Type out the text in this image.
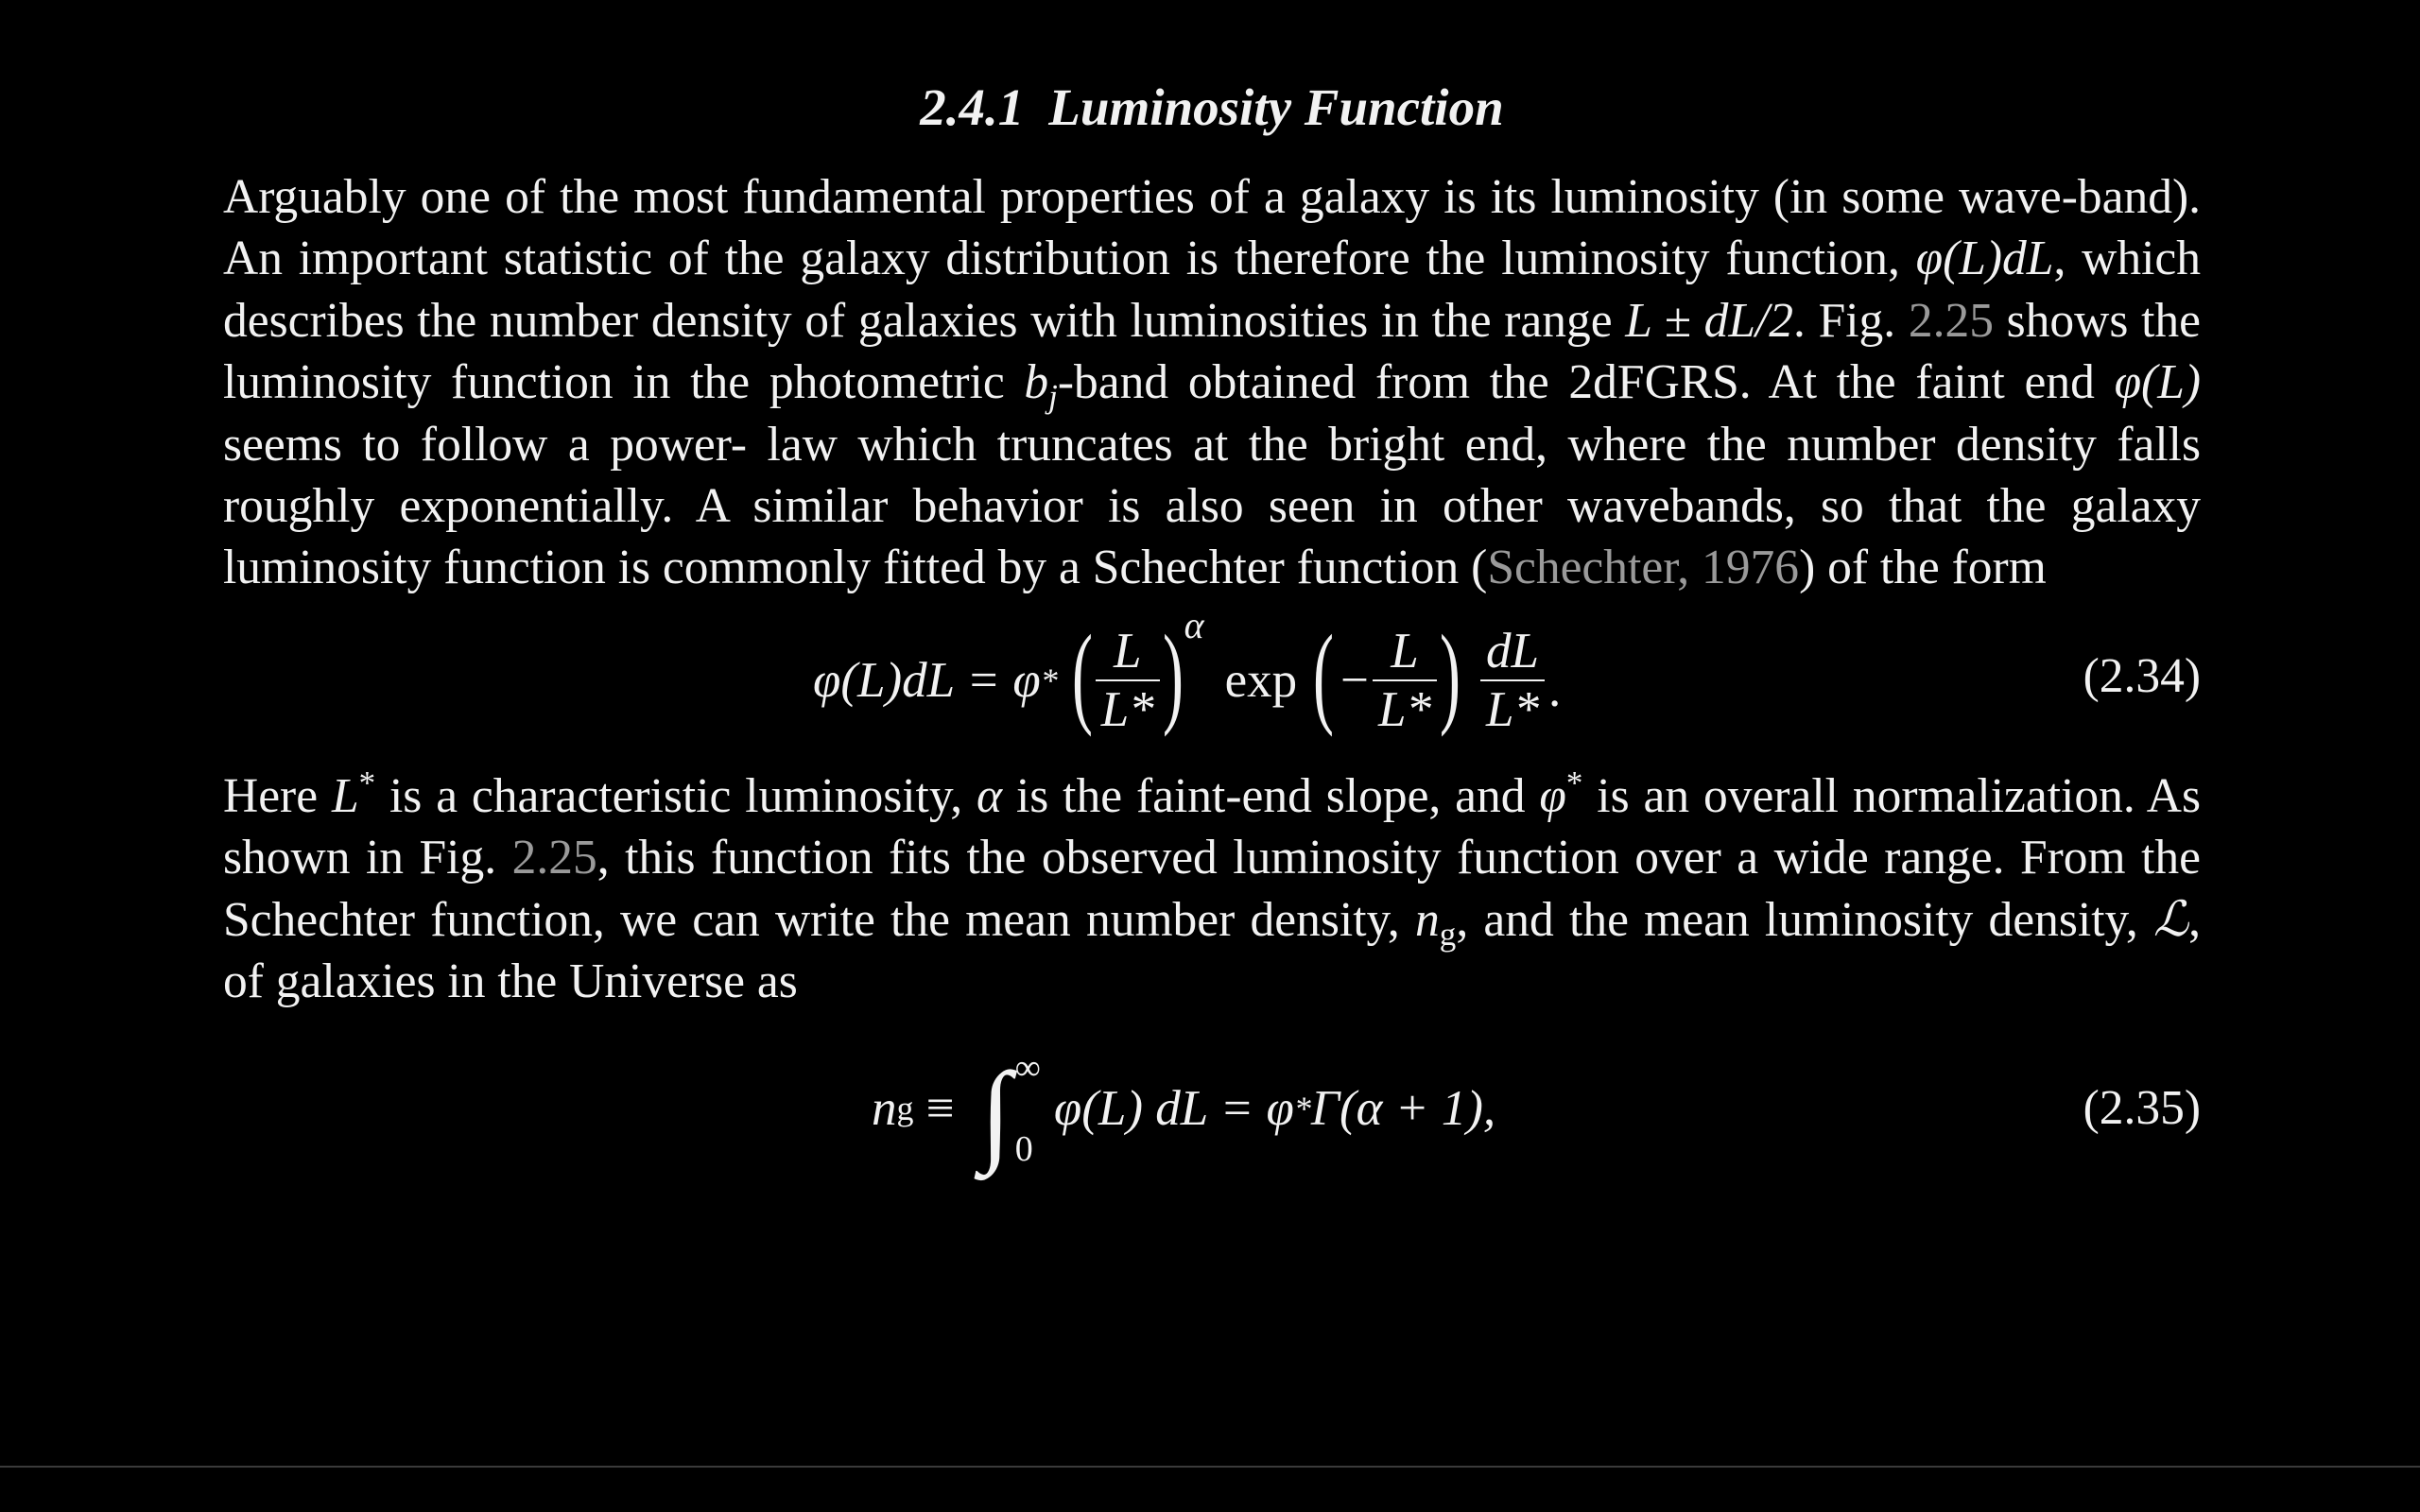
2.4.1 Luminosity Function

Arguably one of the most fundamental properties of a galaxy is its luminosity (in some wave-band). An important statistic of the galaxy distribution is therefore the luminosity function, φ(L)dL, which describes the number density of galaxies with luminosities in the range L ± dL/2. Fig. 2.25 shows the luminosity function in the photometric $b_j$-band obtained from the 2dFGRS. At the faint end φ(L) seems to follow a power- law which truncates at the bright end, where the number density falls roughly exponentially. A similar behavior is also seen in other wavebands, so that the galaxy luminosity function is commonly fitted by a Schechter function (Schechter, 1976) of the form

φ(L)dL = φ * ( $\frac{L}{L*}$ ) α
exp ( − $\frac{L}{L*}$ ) $\frac{dL}{L*}$ .	(2.34)

Here L* is a characteristic luminosity, α is the faint-end slope, and φ* is an overall normalization. As shown in Fig. 2.25, this function fits the observed luminosity function over a wide range. From the Schechter function, we can write the mean number density, $n_g$, and the mean luminosity density, ℒ, of galaxies in the Universe as

n g ≡ ∫ ∞
0
φ(L) dL = φ * Γ(α + 1),	(2.35)
